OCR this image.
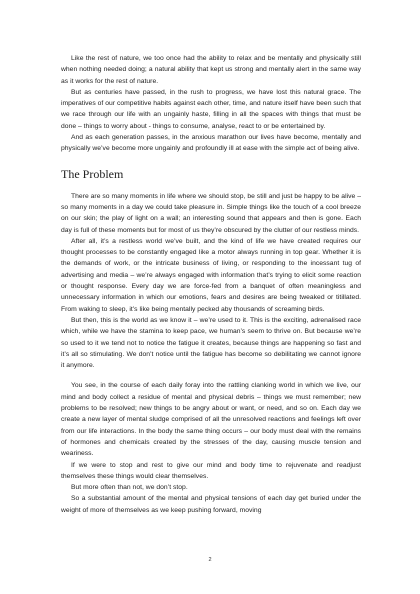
Like the rest of nature, we too once had the ability to relax and be mentally and physically still when nothing needed doing; a natural ability that kept us strong and mentally alert in the same way as it works for the rest of nature.

But as centuries have passed, in the rush to progress, we have lost this natural grace. The imperatives of our competitive habits against each other, time, and nature itself have been such that we race through our life with an ungainly haste, filling in all the spaces with things that must be done – things to worry about - things to consume, analyse, react to or be entertained by.

And as each generation passes, in the anxious marathon our lives have become, mentally and physically we’ve become more ungainly and profoundly ill at ease with the simple act of being alive.

The Problem

There are so many moments in life where we should stop, be still and just be happy to be alive – so many moments in a day we could take pleasure in. Simple things like the touch of a cool breeze on our skin; the play of light on a wall; an interesting sound that appears and then is gone. Each day is full of these moments but for most of us they’re obscured by the clutter of our restless minds.

After all, it’s a restless world we’ve built, and the kind of life we have created requires our thought processes to be constantly engaged like a motor always running in top gear. Whether it is the demands of work, or the intricate business of living, or responding to the incessant tug of advertising and media – we’re always engaged with information that’s trying to elicit some reaction or thought response. Every day we are force-fed from a banquet of often meaningless and unnecessary information in which our emotions, fears and desires are being tweaked or titillated. From waking to sleep, it’s like being mentally pecked aby thousands of screaming birds.

But then, this is the world as we know it – we’re used to it. This is the exciting, adrenalised race which, while we have the stamina to keep pace, we human’s seem to thrive on. But because we’re so used to it we tend not to notice the fatigue it creates, because things are happening so fast and it’s all so stimulating. We don’t notice until the fatigue has become so debilitating we cannot ignore it anymore.

You see, in the course of each daily foray into the rattling clanking world in which we live, our mind and body collect a residue of mental and physical debris – things we must remember; new problems to be resolved; new things to be angry about or want, or need, and so on. Each day we create a new layer of mental sludge comprised of all the unresolved reactions and feelings left over from our life interactions. In the body the same thing occurs – our body must deal with the remains of hormones and chemicals created by the stresses of the day, causing muscle tension and weariness.

If we were to stop and rest to give our mind and body time to rejuvenate and readjust themselves these things would clear themselves.

But more often than not, we don’t stop.

So a substantial amount of the mental and physical tensions of each day get buried under the weight of more of themselves as we keep pushing forward, moving

2
